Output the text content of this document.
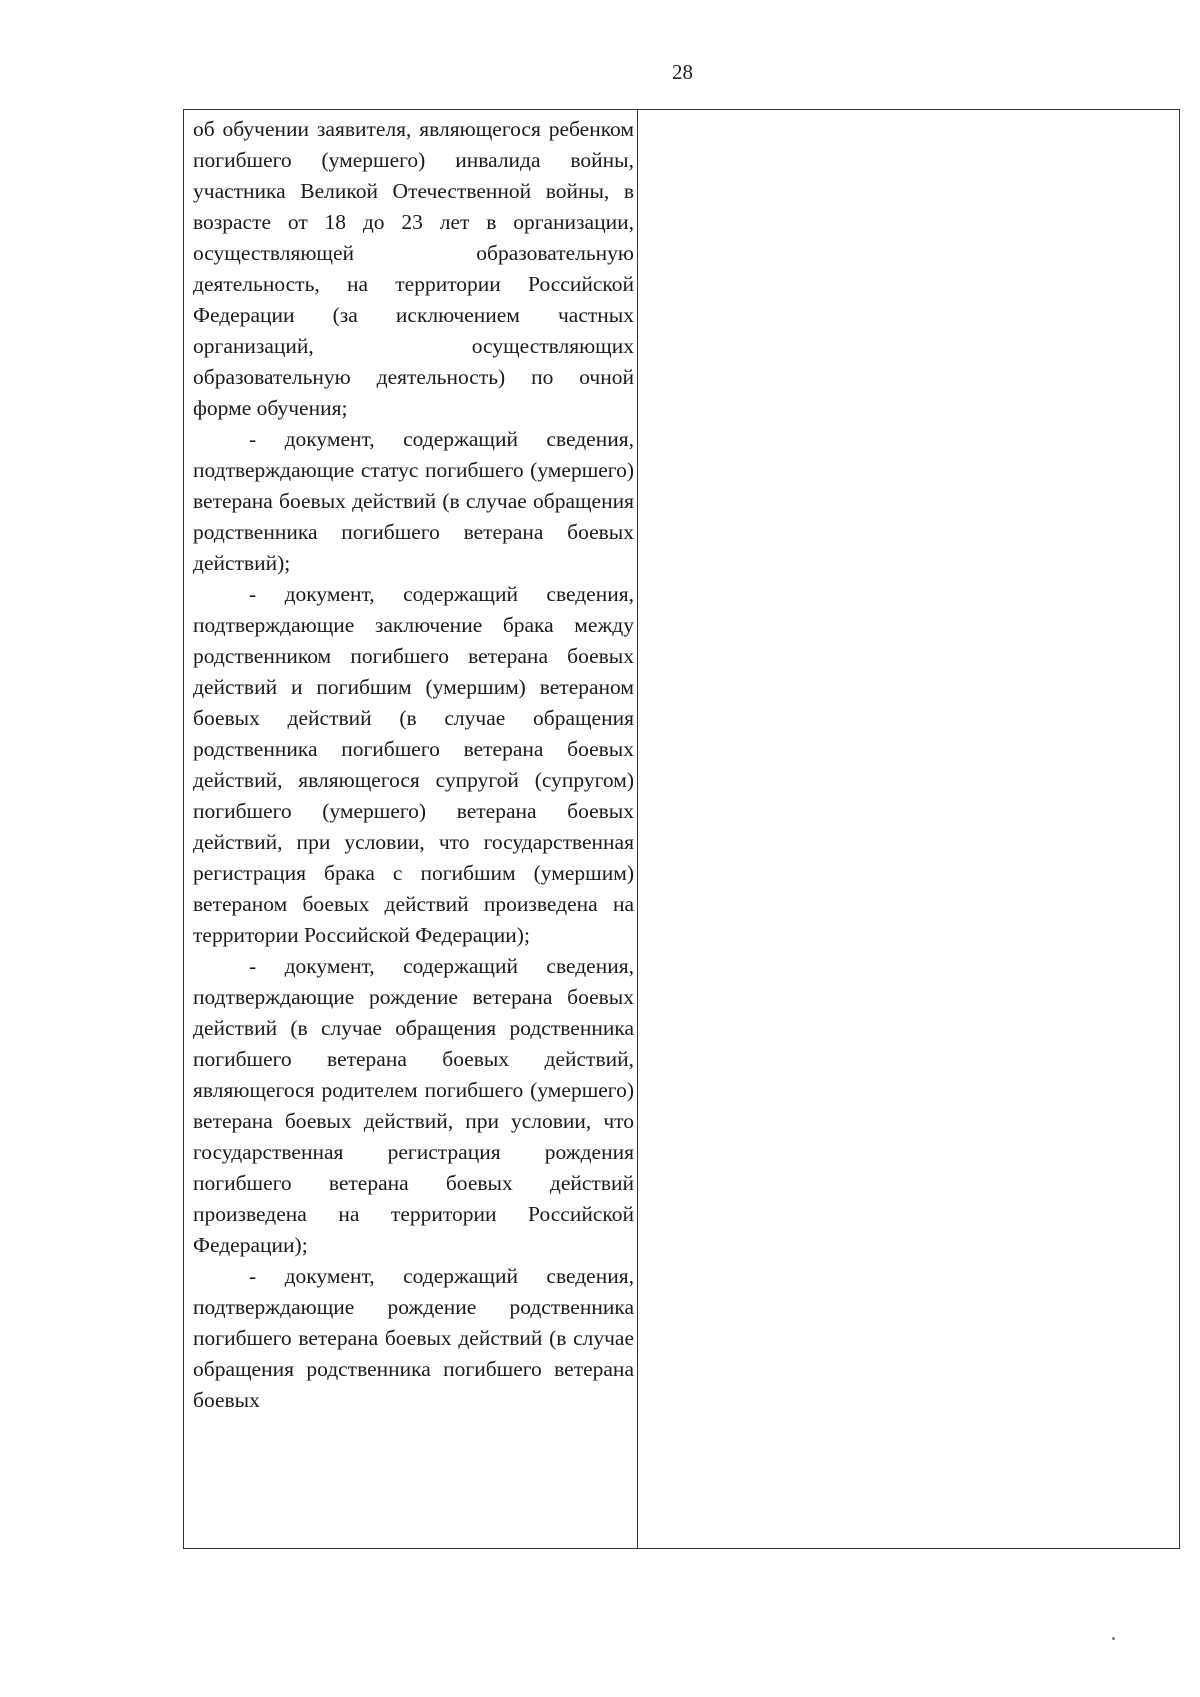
28

об обучении заявителя, являющегося ребенком погибшего (умершего) инвалида войны, участника Великой Отечественной войны, в возрасте от 18 до 23 лет в организации, осуществляющей образовательную деятельность, на территории Российской Федерации (за исключением частных организаций, осуществляющих образовательную деятельность) по очной форме обучения;

- документ, содержащий сведения, подтверждающие статус погибшего (умершего) ветерана боевых действий (в случае обращения родственника погибшего ветерана боевых действий);

- документ, содержащий сведения, подтверждающие заключение брака между родственником погибшего ветерана боевых действий и погибшим (умершим) ветераном боевых действий (в случае обращения родственника погибшего ветерана боевых действий, являющегося супругой (супругом) погибшего (умершего) ветерана боевых действий, при условии, что государственная регистрация брака с погибшим (умершим) ветераном боевых действий произведена на территории Российской Федерации);

- документ, содержащий сведения, подтверждающие рождение ветерана боевых действий (в случае обращения родственника погибшего ветерана боевых действий, являющегося родителем погибшего (умершего) ветерана боевых действий, при условии, что государственная регистрация рождения погибшего ветерана боевых действий произведена на территории Российской Федерации);

- документ, содержащий сведения, подтверждающие рождение родственника погибшего ветерана боевых действий (в случае обращения родственника погибшего ветерана боевых
